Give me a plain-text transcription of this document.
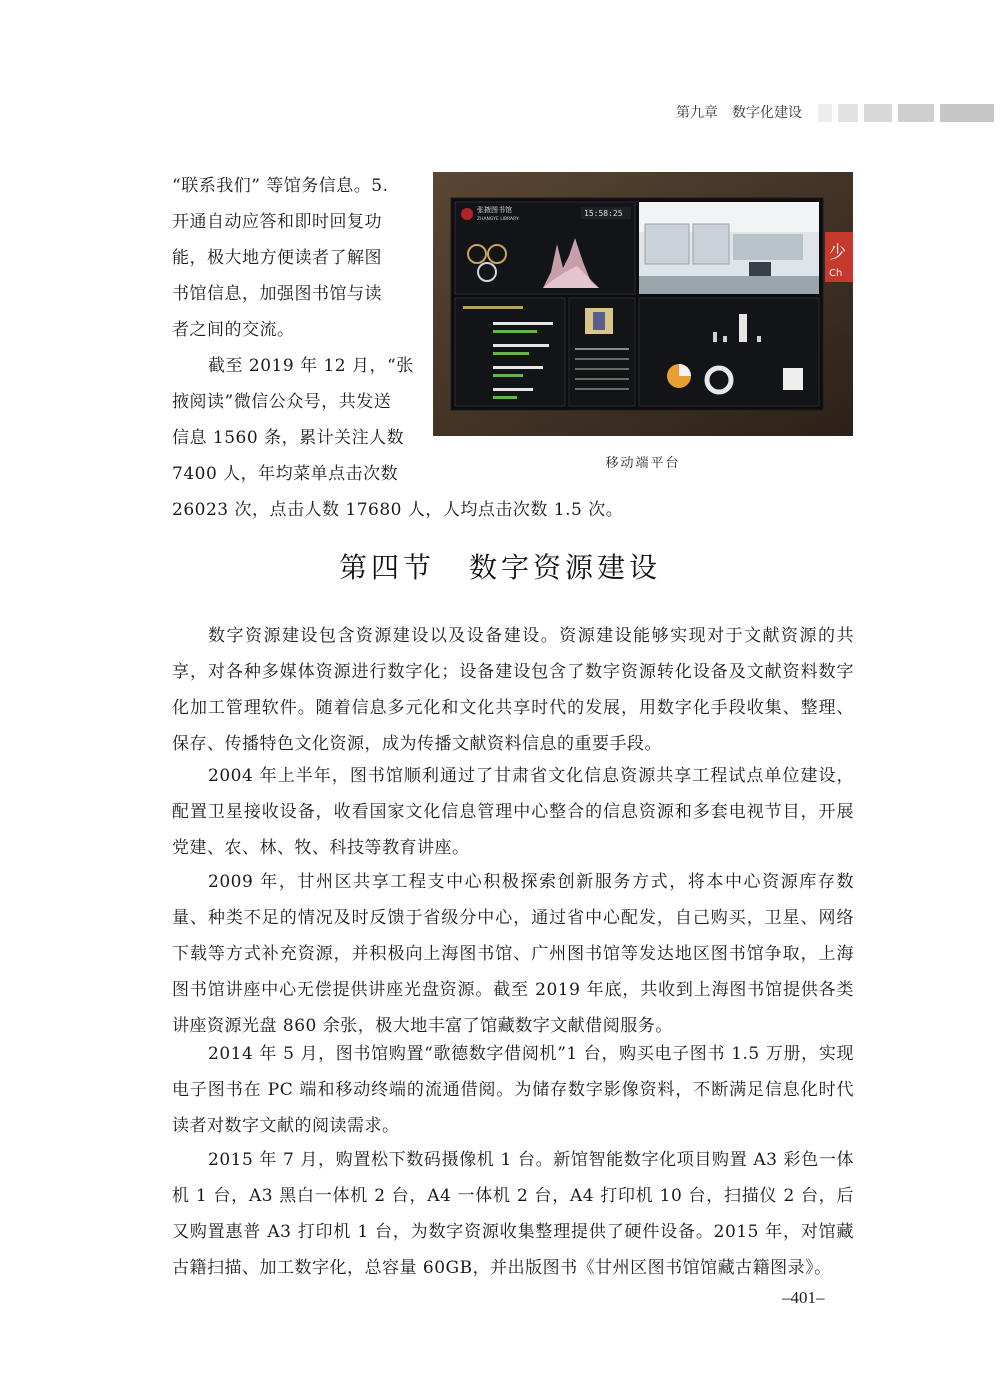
第九章 数字化建设
“联系我们” 等馆务信息。5.
开通自动应答和即时回复功
能，极大地方便读者了解图
书馆信息，加强图书馆与读
者之间的交流。
截至 2019 年 12 月，“张
掖阅读”微信公众号，共发送
信息 1560 条，累计关注人数
7400 人，年均菜单点击次数
26023 次，点击人数 17680 人，人均点击次数 1.5 次。
张掖图书馆
ZHANGYE LIBRARY
15:58:25
少
Ch
移动端平台
第四节 数字资源建设
数字资源建设包含资源建设以及设备建设。资源建设能够实现对于文献资源的共享，对各种多媒体资源进行数字化；设备建设包含了数字资源转化设备及文献资料数字化加工管理软件。随着信息多元化和文化共享时代的发展，用数字化手段收集、整理、保存、传播特色文化资源，成为传播文献资料信息的重要手段。
2004 年上半年，图书馆顺利通过了甘肃省文化信息资源共享工程试点单位建设，配置卫星接收设备，收看国家文化信息管理中心整合的信息资源和多套电视节目，开展党建、农、林、牧、科技等教育讲座。
2009 年，甘州区共享工程支中心积极探索创新服务方式，将本中心资源库存数量、种类不足的情况及时反馈于省级分中心，通过省中心配发，自己购买，卫星、网络下载等方式补充资源，并积极向上海图书馆、广州图书馆等发达地区图书馆争取，上海图书馆讲座中心无偿提供讲座光盘资源。截至 2019 年底，共收到上海图书馆提供各类讲座资源光盘 860 余张，极大地丰富了馆藏数字文献借阅服务。
2014 年 5 月，图书馆购置“歌德数字借阅机”1 台，购买电子图书 1.5 万册，实现电子图书在 PC 端和移动终端的流通借阅。为储存数字影像资料，不断满足信息化时代读者对数字文献的阅读需求。
2015 年 7 月，购置松下数码摄像机 1 台。新馆智能数字化项目购置 A3 彩色一体机 1 台，A3 黑白一体机 2 台，A4 一体机 2 台，A4 打印机 10 台，扫描仪 2 台，后又购置惠普 A3 打印机 1 台，为数字资源收集整理提供了硬件设备。2015 年，对馆藏古籍扫描、加工数字化，总容量 60GB，并出版图书《甘州区图书馆馆藏古籍图录》。
–401–
